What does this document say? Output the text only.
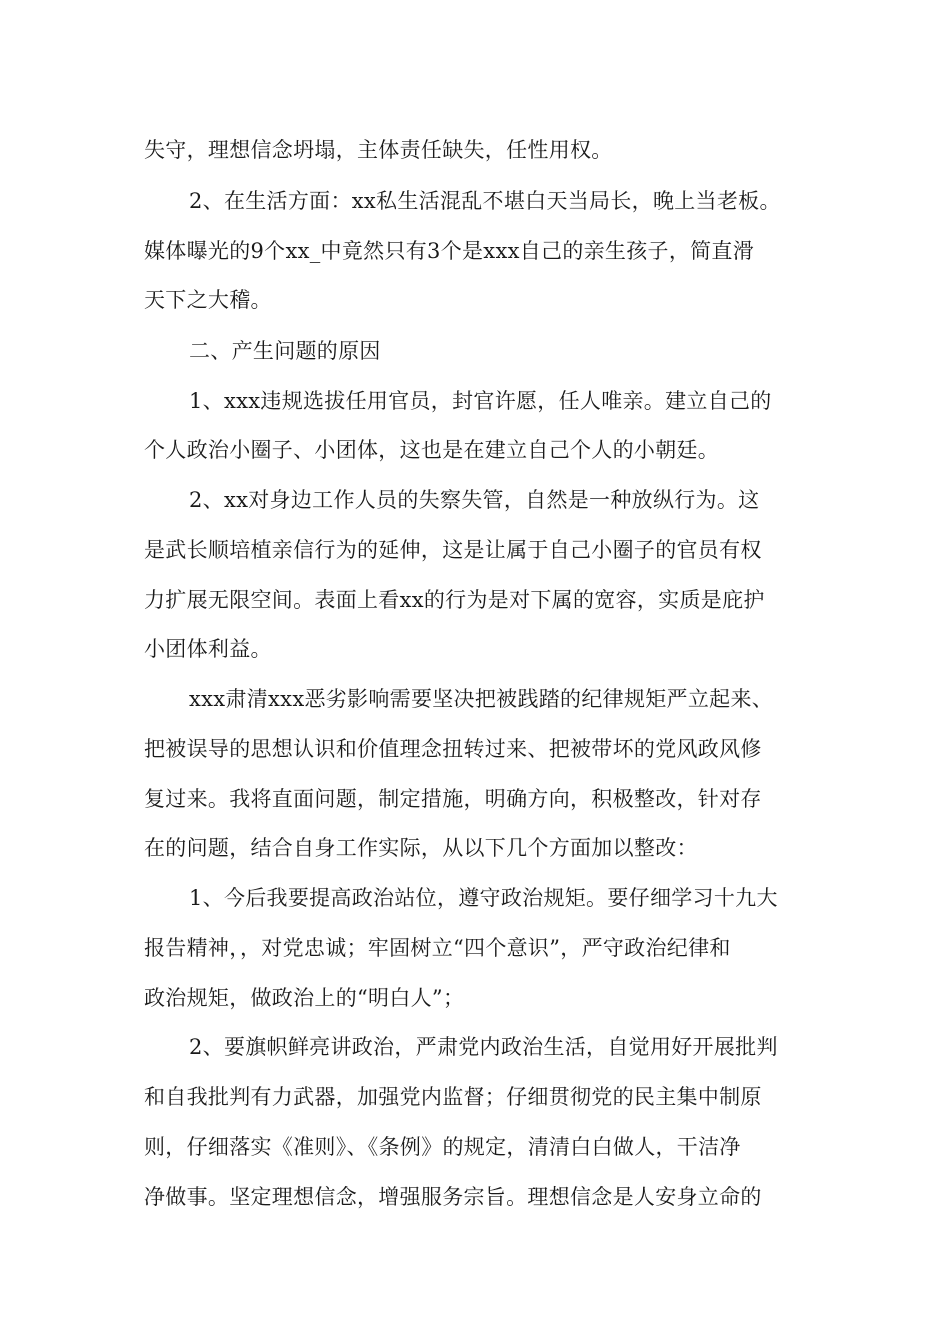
失守，理想信念坍塌，主体责任缺失，任性用权。
2、在生活方面：xx私生活混乱不堪白天当局长，晚上当老板。
媒体曝光的9个xx_中竟然只有3个是xxx自己的亲生孩子，简直滑
天下之大稽。
二、产生问题的原因
1、xxx违规选拔任用官员，封官许愿，任人唯亲。建立自己的
个人政治小圈子、小团体，这也是在建立自己个人的小朝廷。
2、xx对身边工作人员的失察失管，自然是一种放纵行为。这
是武长顺培植亲信行为的延伸，这是让属于自己小圈子的官员有权
力扩展无限空间。表面上看xx的行为是对下属的宽容，实质是庇护
小团体利益。
xxx肃清xxx恶劣影响需要坚决把被践踏的纪律规矩严立起来、
把被误导的思想认识和价值理念扭转过来、把被带坏的党风政风修
复过来。我将直面问题，制定措施，明确方向，积极整改，针对存
在的问题，结合自身工作实际，从以下几个方面加以整改：
1、今后我要提高政治站位，遵守政治规矩。要仔细学习十九大
报告精神，，对党忠诚；牢固树立“四个意识”，严守政治纪律和
政治规矩，做政治上的“明白人”；
2、要旗帜鲜亮讲政治，严肃党内政治生活，自觉用好开展批判
和自我批判有力武器，加强党内监督；仔细贯彻党的民主集中制原
则，仔细落实《准则》、《条例》的规定，清清白白做人，干洁净
净做事。坚定理想信念，增强服务宗旨。理想信念是人安身立命的
